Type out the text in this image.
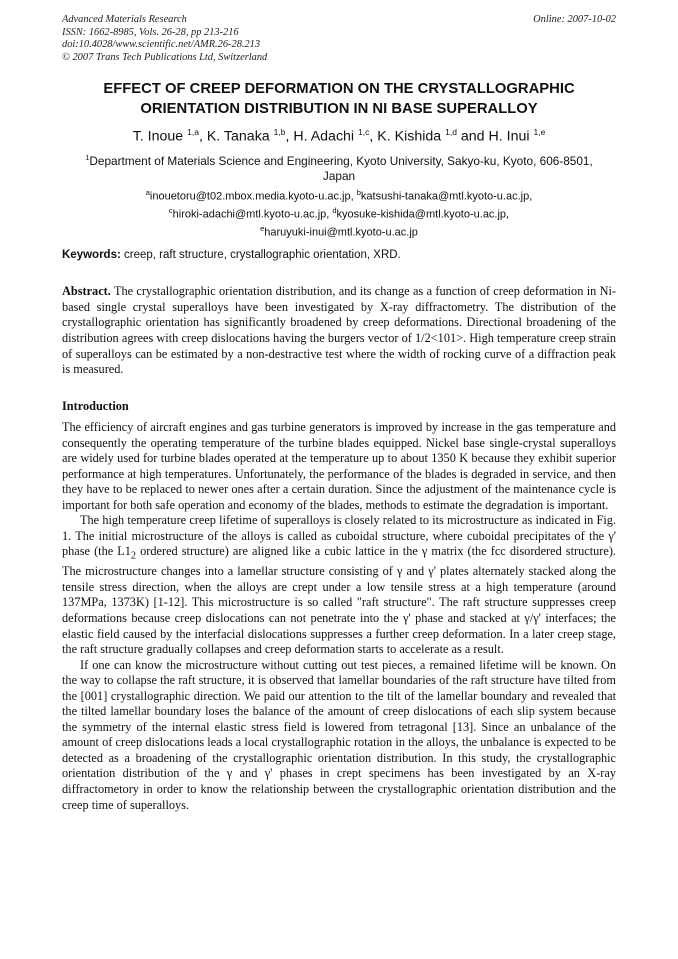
Advanced Materials Research
ISSN: 1662-8985, Vols. 26-28, pp 213-216
doi:10.4028/www.scientific.net/AMR.26-28.213
© 2007 Trans Tech Publications Ltd, Switzerland
Online: 2007-10-02
EFFECT OF CREEP DEFORMATION ON THE CRYSTALLOGRAPHIC
ORIENTATION DISTRIBUTION IN NI BASE SUPERALLOY
T. Inoue $^{1,a}$, K. Tanaka $^{1,b}$, H. Adachi $^{1,c}$, K. Kishida $^{1,d}$ and H. Inui $^{1,e}$
$^1$Department of Materials Science and Engineering, Kyoto University, Sakyo-ku, Kyoto, 606-8501,
Japan
$^a$inouetoru@t02.mbox.media.kyoto-u.ac.jp, $^b$katsushi-tanaka@mtl.kyoto-u.ac.jp,
$^c$hiroki-adachi@mtl.kyoto-u.ac.jp, $^d$kyosuke-kishida@mtl.kyoto-u.ac.jp,
$^e$haruyuki-inui@mtl.kyoto-u.ac.jp
Keywords: creep, raft structure, crystallographic orientation, XRD.
Abstract. The crystallographic orientation distribution, and its change as a function of creep deformation in Ni-based single crystal superalloys have been investigated by X-ray diffractometry. The distribution of the crystallographic orientation has significantly broadened by creep deformations. Directional broadening of the distribution agrees with creep dislocations having the burgers vector of 1/2<101>. High temperature creep strain of superalloys can be estimated by a non-destractive test where the width of rocking curve of a diffraction peak is measured.
Introduction

The efficiency of aircraft engines and gas turbine generators is improved by increase in the gas temperature and consequently the operating temperature of the turbine blades equipped. Nickel base single-crystal superalloys are widely used for turbine blades operated at the temperature up to about 1350 K because they exhibit superior performance at high temperatures. Unfortunately, the performance of the blades is degraded in service, and then they have to be replaced to newer ones after a certain duration. Since the adjustment of the maintenance cycle is important for both safe operation and economy of the blades, methods to estimate the degradation is important.

The high temperature creep lifetime of superalloys is closely related to its microstructure as indicated in Fig. 1. The initial microstructure of the alloys is called as cuboidal structure, where cuboidal precipitates of the γ' phase (the $L1_2$ ordered structure) are aligned like a cubic lattice in the γ matrix (the fcc disordered structure). The microstructure changes into a lamellar structure consisting of γ and γ' plates alternately stacked along the tensile stress direction, when the alloys are crept under a low tensile stress at a high temperature (around 137MPa, 1373K) [1-12]. This microstructure is so called "raft structure". The raft structure suppresses creep deformations because creep dislocations can not penetrate into the γ' phase and stacked at γ/γ' interfaces; the elastic field caused by the interfacial dislocations suppresses a further creep deformation. In a later creep stage, the raft structure gradually collapses and creep deformation starts to accelerate as a result.

If one can know the microstructure without cutting out test pieces, a remained lifetime will be known. On the way to collapse the raft structure, it is observed that lamellar boundaries of the raft structure have tilted from the [001] crystallographic direction. We paid our attention to the tilt of the lamellar boundary and revealed that the tilted lamellar boundary loses the balance of the amount of creep dislocations of each slip system because the symmetry of the internal elastic stress field is lowered from tetragonal [13]. Since an unbalance of the amount of creep dislocations leads a local crystallographic rotation in the alloys, the unbalance is expected to be detected as a broadening of the crystallographic orientation distribution. In this study, the crystallographic orientation distribution of the γ and γ' phases in crept specimens has been investigated by an X-ray diffractometory in order to know the relationship between the crystallographic orientation distribution and the creep time of superalloys.
